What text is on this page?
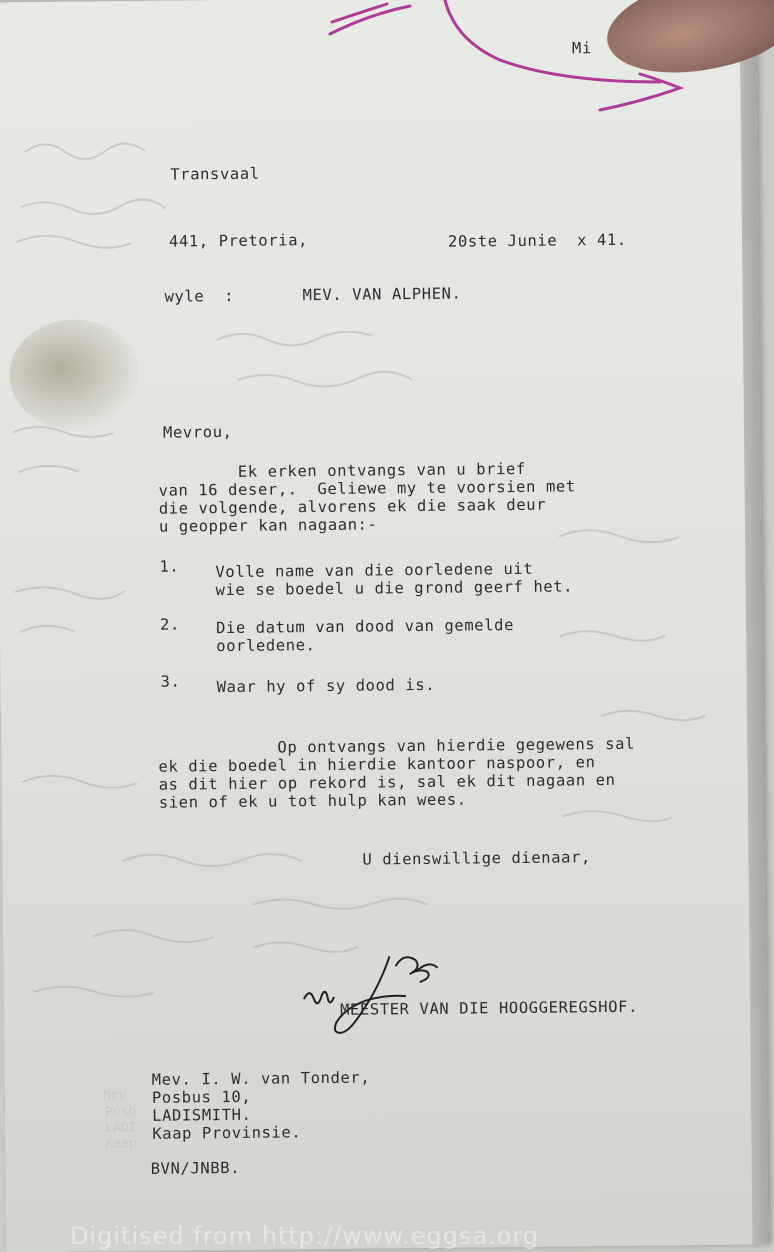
Mev
Posb
LADI
Kaap
Mi
Transvaal
441, Pretoria,	20ste Junie  x 41.
wyle  :	MEV. VAN ALPHEN.
Mevrou,
Ek erken ontvangs van u brief
van 16 deser,.  Geliewe my te voorsien met
die volgende, alvorens ek die saak deur
u geopper kan nagaan:-
1. Volle name van die oorledene uit
wie se boedel u die grond geerf het.
2. Die datum van dood van gemelde
oorledene.
3. Waar hy of sy dood is.
Op ontvangs van hierdie gegewens sal
ek die boedel in hierdie kantoor naspoor, en
as dit hier op rekord is, sal ek dit nagaan en
sien of ek u tot hulp kan wees.
U dienswillige dienaar,
MEESTER VAN DIE HOOGGEREGSHOF.
Mev. I. W. van Tonder,
Posbus 10,
LADISMITH.
Kaap Provinsie.
BVN/JNBB.
Digitised from http://www.eggsa.org
